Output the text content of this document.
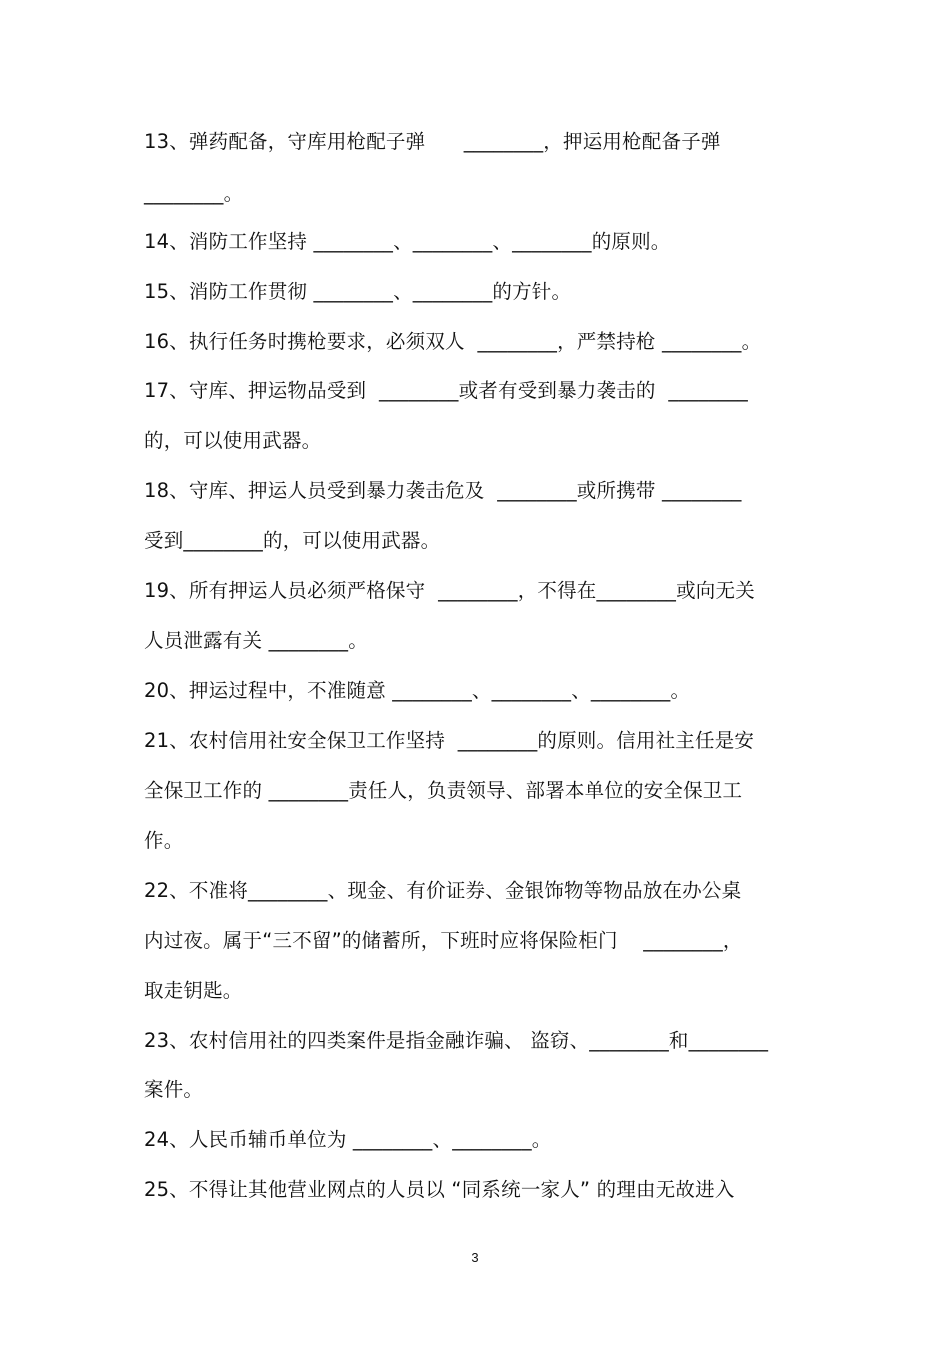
13、弹药配备，守库用枪配子弹      ________，押运用枪配备子弹
________。
14、消防工作坚持 ________、________、________的原则。
15、消防工作贯彻 ________、________的方针。
16、执行任务时携枪要求，必须双人  ________，严禁持枪 ________。
17、守库、押运物品受到  ________或者有受到暴力袭击的  ________
的，可以使用武器。
18、守库、押运人员受到暴力袭击危及  ________或所携带 ________
受到________的，可以使用武器。
19、所有押运人员必须严格保守  ________，不得在________或向无关
人员泄露有关 ________。
20、押运过程中，不准随意 ________、________、________。
21、农村信用社安全保卫工作坚持  ________的原则。信用社主任是安
全保卫工作的 ________责任人，负责领导、部署本单位的安全保卫工
作。
22、不准将________、现金、有价证券、金银饰物等物品放在办公桌
内过夜。属于“三不留”的储蓄所，下班时应将保险柜门    ________，
取走钥匙。
23、农村信用社的四类案件是指金融诈骗、 盗窃、________和________
案件。
24、人民币辅币单位为 ________、________。
25、不得让其他营业网点的人员以 “同系统一家人” 的理由无故进入
3
